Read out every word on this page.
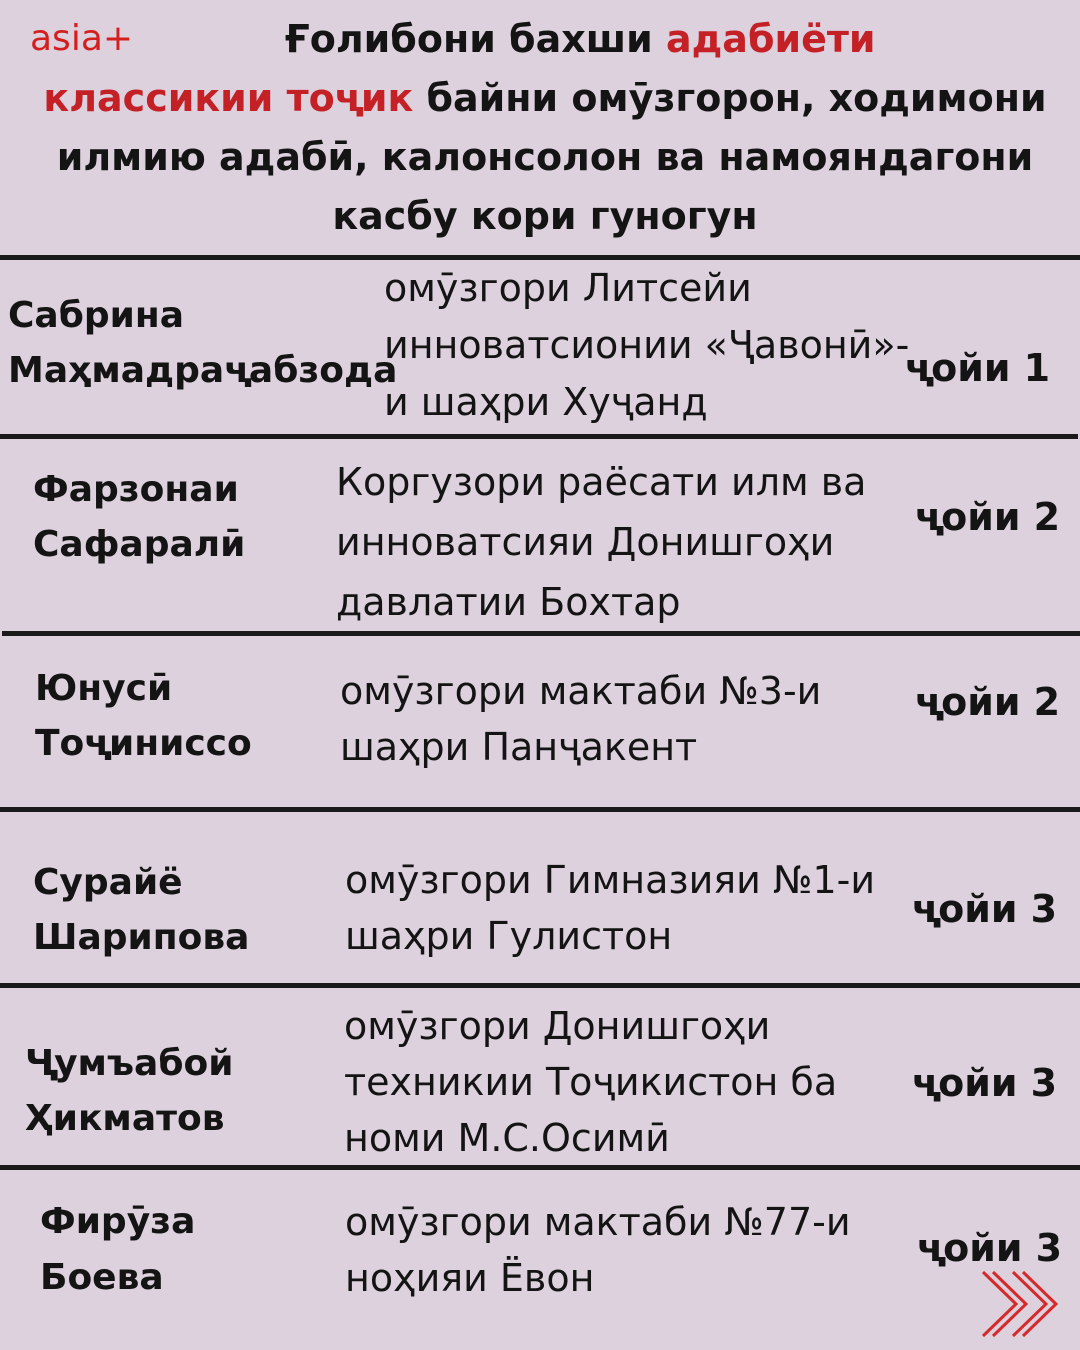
asia+	Ғолибони бахши адабиёти
классикии тоҷик байни омӯзгорон, ходимони илмию адабӣ, калонсолон ва намояндагони касбу кори гуногун
Сабрина Маҳмадраҷабзода
омӯзгори Литсейи инноватсионии «Ҷавонӣ»-и шаҳри Хуҷанд
ҷойи 1
Фарзонаи Сафаралӣ
Коргузори раёсати илм ва инноватсияи Донишгоҳи давлатии Бохтар
ҷойи 2
Юнусӣ Тоҷиниссо
омӯзгори мактаби №3-и шаҳри Панҷакент
ҷойи 2
Сурайё Шарипова
омӯзгори Гимназияи №1-и шаҳри Гулистон
ҷойи 3
Ҷумъабой Ҳикматов
омӯзгори Донишгоҳи техникии Тоҷикистон ба номи М.С.Осимӣ
ҷойи 3
Фирӯза Боева
омӯзгори мактаби №77-и ноҳияи Ёвон
ҷойи 3
